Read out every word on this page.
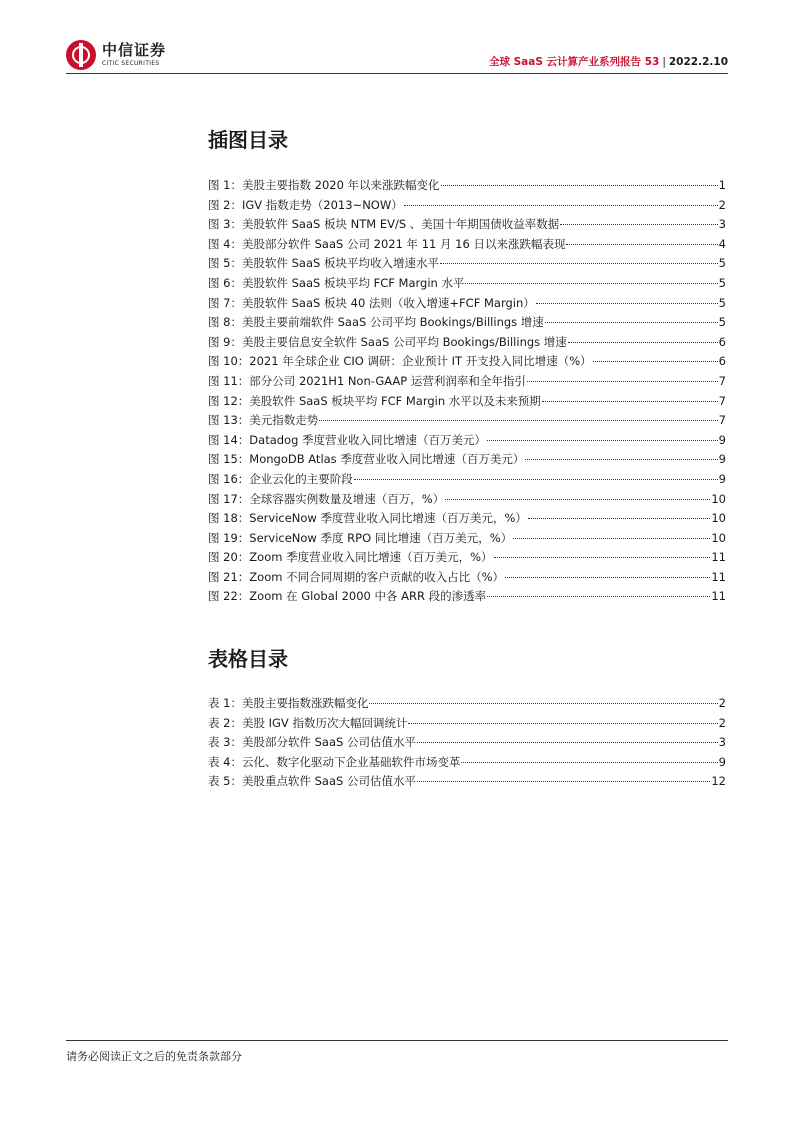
中信证券
CITIC SECURITIES	全球 SaaS 云计算产业系列报告 53 | 2022.2.10
插图目录
图 1：美股主要指数 2020 年以来涨跌幅变化	1
图 2：IGV 指数走势（2013~NOW）	2
图 3：美股软件 SaaS 板块 NTM EV/S 、美国十年期国债收益率数据	3
图 4：美股部分软件 SaaS 公司 2021 年 11 月 16 日以来涨跌幅表现	4
图 5：美股软件 SaaS 板块平均收入增速水平	5
图 6：美股软件 SaaS 板块平均 FCF Margin 水平	5
图 7：美股软件 SaaS 板块 40 法则（收入增速+FCF Margin）	5
图 8：美股主要前端软件 SaaS 公司平均 Bookings/Billings 增速	5
图 9：美股主要信息安全软件 SaaS 公司平均 Bookings/Billings 增速	6
图 10：2021 年全球企业 CIO 调研：企业预计 IT 开支投入同比增速（%）	6
图 11：部分公司 2021H1 Non-GAAP 运营利润率和全年指引	7
图 12：美股软件 SaaS 板块平均 FCF Margin 水平以及未来预期	7
图 13：美元指数走势	7
图 14：Datadog 季度营业收入同比增速（百万美元）	9
图 15：MongoDB Atlas 季度营业收入同比增速（百万美元）	9
图 16：企业云化的主要阶段	9
图 17：全球容器实例数量及增速（百万，%）	10
图 18：ServiceNow 季度营业收入同比增速（百万美元，%）	10
图 19：ServiceNow 季度 RPO 同比增速（百万美元，%）	10
图 20：Zoom 季度营业收入同比增速（百万美元，%）	11
图 21：Zoom 不同合同周期的客户贡献的收入占比（%）	11
图 22：Zoom 在 Global 2000 中各 ARR 段的渗透率	11
表格目录
表 1：美股主要指数涨跌幅变化	2
表 2：美股 IGV 指数历次大幅回调统计	2
表 3：美股部分软件 SaaS 公司估值水平	3
表 4：云化、数字化驱动下企业基础软件市场变革	9
表 5：美股重点软件 SaaS 公司估值水平	12
请务必阅读正文之后的免责条款部分
